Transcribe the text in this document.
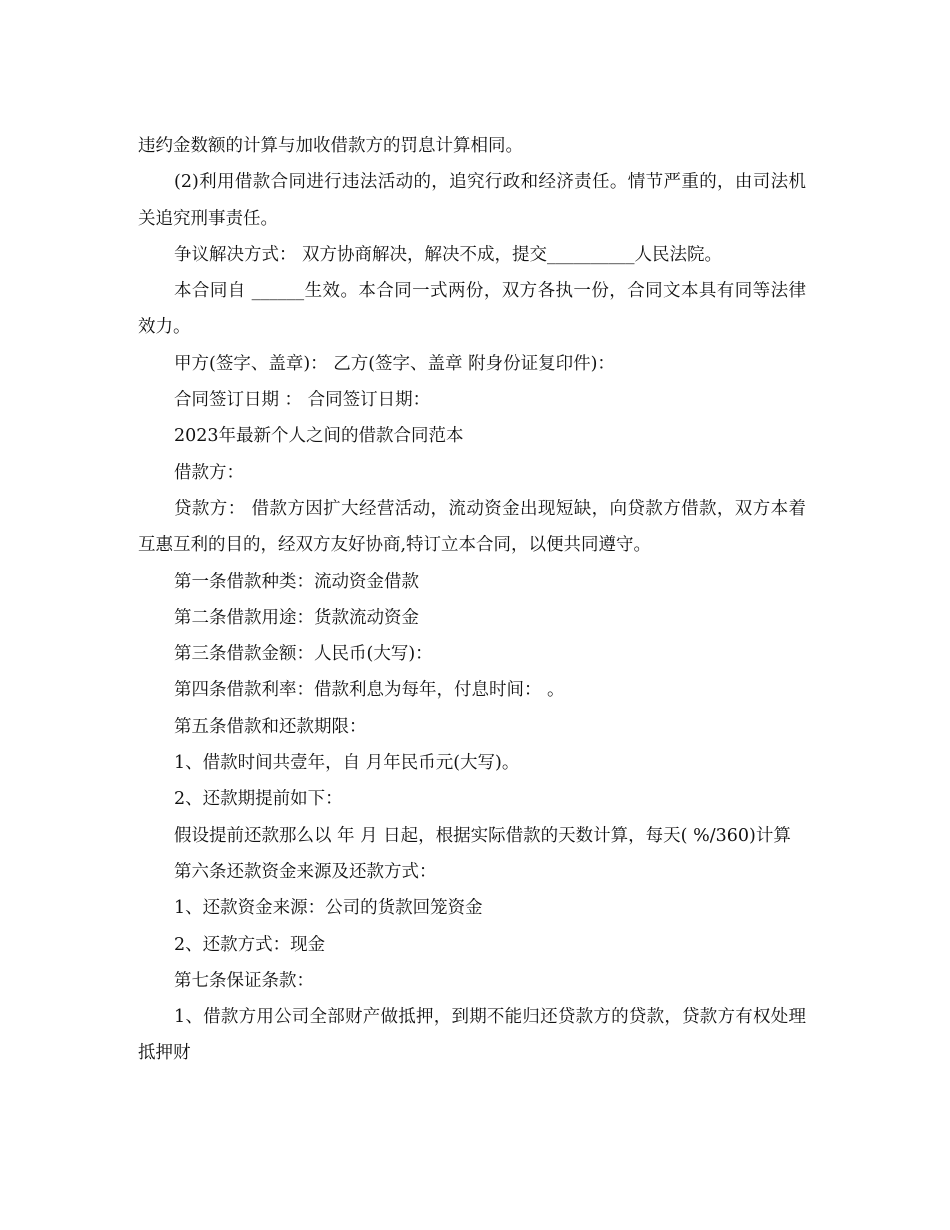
违约金数额的计算与加收借款方的罚息计算相同。

(2)利用借款合同进行违法活动的，追究行政和经济责任。情节严重的，由司法机关追究刑事责任。

争议解决方式： 双方协商解决，解决不成，提交__________人民法院。

本合同自 ______生效。本合同一式两份，双方各执一份，合同文本具有同等法律效力。

甲方(签字、盖章)： 乙方(签字、盖章 附身份证复印件)：

合同签订日期 ： 合同签订日期：

2023年最新个人之间的借款合同范本

借款方：

贷款方： 借款方因扩大经营活动，流动资金出现短缺，向贷款方借款，双方本着互惠互利的目的，经双方友好协商,特订立本合同，以便共同遵守。

第一条借款种类：流动资金借款

第二条借款用途：货款流动资金

第三条借款金额：人民币(大写)：

第四条借款利率：借款利息为每年，付息时间： 。

第五条借款和还款期限：

1、借款时间共壹年，自 月年民币元(大写)。

2、还款期提前如下：

假设提前还款那么以 年 月 日起，根据实际借款的天数计算，每天( %/360)计算

第六条还款资金来源及还款方式：

1、还款资金来源：公司的货款回笼资金

2、还款方式：现金

第七条保证条款：

1、借款方用公司全部财产做抵押，到期不能归还贷款方的贷款，贷款方有权处理抵押财
